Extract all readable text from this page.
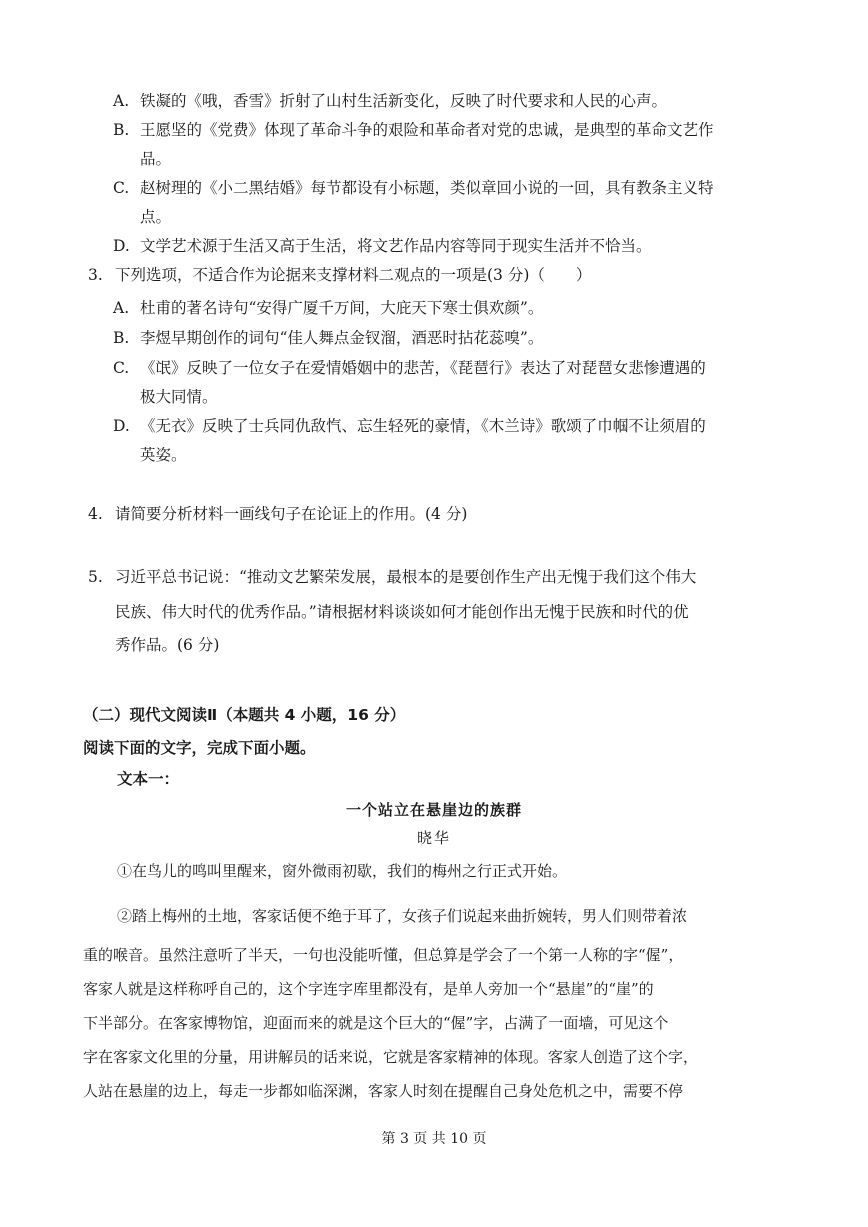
A. 铁凝的《哦，香雪》折射了山村生活新变化，反映了时代要求和人民的心声。
B. 王愿坚的《党费》体现了革命斗争的艰险和革命者对党的忠诚，是典型的革命文艺作
品。
C. 赵树理的《小二黑结婚》每节都设有小标题，类似章回小说的一回，具有教条主义特
点。
D. 文学艺术源于生活又高于生活，将文艺作品内容等同于现实生活并不恰当。
3. 下列选项，不适合作为论据来支撑材料二观点的一项是(3 分)（　　）
A. 杜甫的著名诗句“安得广厦千万间，大庇天下寒士俱欢颜”。
B. 李煜早期创作的词句“佳人舞点金钗溜，酒恶时拈花蕊嗅”。
C. 《氓》反映了一位女子在爱情婚姻中的悲苦，《琵琶行》表达了对琵琶女悲惨遭遇的
极大同情。
D. 《无衣》反映了士兵同仇敌忾、忘生轻死的豪情，《木兰诗》歌颂了巾帼不让须眉的
英姿。
4. 请简要分析材料一画线句子在论证上的作用。(4 分)
5. 习近平总书记说：“推动文艺繁荣发展，最根本的是要创作生产出无愧于我们这个伟大
民族、伟大时代的优秀作品。”请根据材料谈谈如何才能创作出无愧于民族和时代的优
秀作品。(6 分)
（二）现代文阅读Ⅱ（本题共 4 小题，16 分）
阅读下面的文字，完成下面小题。
文本一：
一个站立在悬崖边的族群
晓华
①在鸟儿的鸣叫里醒来，窗外微雨初歇，我们的梅州之行正式开始。
②踏上梅州的土地，客家话便不绝于耳了，女孩子们说起来曲折婉转，男人们则带着浓
重的喉音。虽然注意听了半天，一句也没能听懂，但总算是学会了一个第一人称的字“偓”，
客家人就是这样称呼自己的，这个字连字库里都没有，是单人旁加一个“悬崖”的“崖”的
下半部分。在客家博物馆，迎面而来的就是这个巨大的“偓”字，占满了一面墙，可见这个
字在客家文化里的分量，用讲解员的话来说，它就是客家精神的体现。客家人创造了这个字，
人站在悬崖的边上，每走一步都如临深渊，客家人时刻在提醒自己身处危机之中，需要不停
第 3 页 共 10 页
